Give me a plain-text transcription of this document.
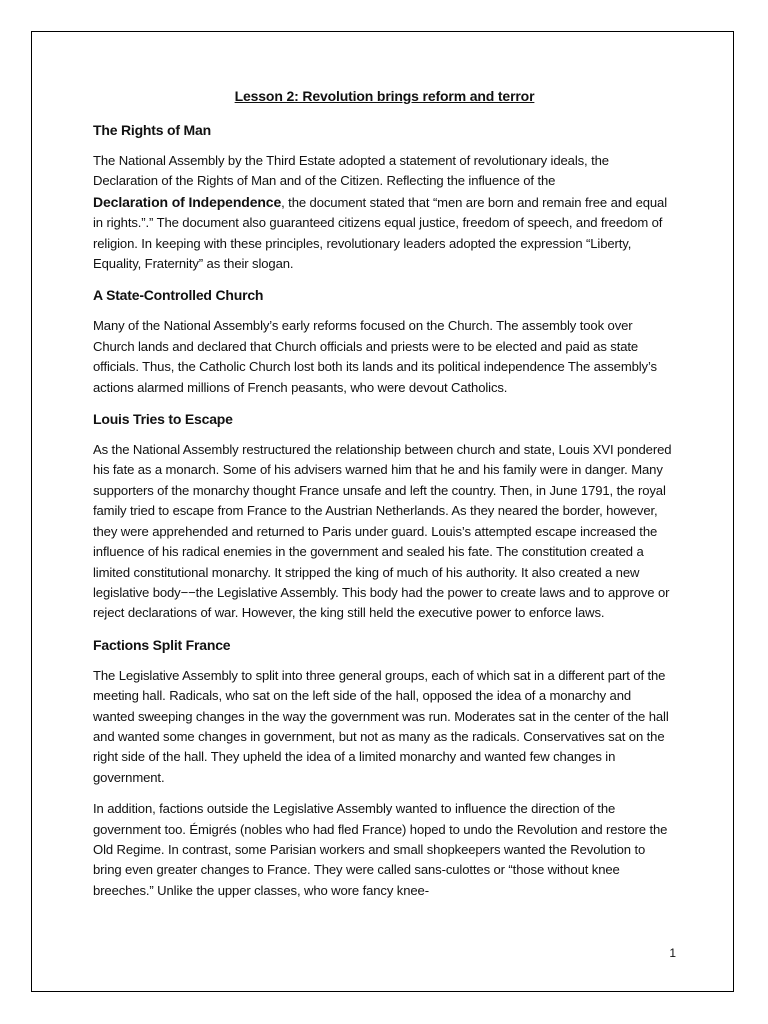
Lesson 2: Revolution brings reform and terror
The Rights of Man

The National Assembly by the Third Estate adopted a statement of revolutionary ideals, the Declaration of the Rights of Man and of the Citizen. Reflecting the influence of the
Declaration of Independence, the document stated that “men are born and remain free and equal in rights.”.” The document also guaranteed citizens equal justice, freedom of speech, and freedom of religion. In keeping with these principles, revolutionary leaders adopted the expression “Liberty, Equality, Fraternity” as their slogan.

A State-Controlled Church

Many of the National Assembly’s early reforms focused on the Church. The assembly took over Church lands and declared that Church officials and priests were to be elected and paid as state officials. Thus, the Catholic Church lost both its lands and its political independence The assembly’s actions alarmed millions of French peasants, who were devout Catholics.

Louis Tries to Escape

As the National Assembly restructured the relationship between church and state, Louis XVI pondered his fate as a monarch. Some of his advisers warned him that he and his family were in danger. Many supporters of the monarchy thought France unsafe and left the country. Then, in June 1791, the royal family tried to escape from France to the Austrian Netherlands. As they neared the border, however, they were apprehended and returned to Paris under guard. Louis’s attempted escape increased the influence of his radical enemies in the government and sealed his fate. The constitution created a limited constitutional monarchy. It stripped the king of much of his authority. It also created a new legislative body−−the Legislative Assembly. This body had the power to create laws and to approve or reject declarations of war. However, the king still held the executive power to enforce laws.

Factions Split France

The Legislative Assembly to split into three general groups, each of which sat in a different part of the meeting hall. Radicals, who sat on the left side of the hall, opposed the idea of a monarchy and wanted sweeping changes in the way the government was run. Moderates sat in the center of the hall and wanted some changes in government, but not as many as the radicals. Conservatives sat on the right side of the hall. They upheld the idea of a limited monarchy and wanted few changes in government.

In addition, factions outside the Legislative Assembly wanted to influence the direction of the government too. Émigrés (nobles who had fled France) hoped to undo the Revolution and restore the Old Regime. In contrast, some Parisian workers and small shopkeepers wanted the Revolution to bring even greater changes to France. They were called sans-culottes or “those without knee breeches.” Unlike the upper classes, who wore fancy knee-

1
